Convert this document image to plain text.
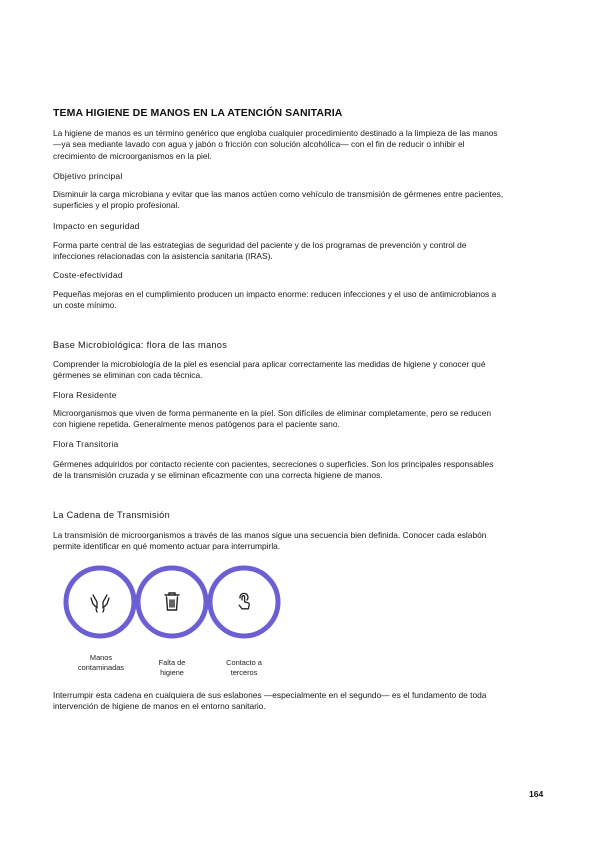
TEMA HIGIENE DE MANOS EN LA ATENCIÓN SANITARIA

La higiene de manos es un término genérico que engloba cualquier procedimiento destinado a la limpieza de las manos
—ya sea mediante lavado con agua y jabón o fricción con solución alcohólica— con el fin de reducir o inhibir el
crecimiento de microorganismos en la piel.

Objetivo principal

Disminuir la carga microbiana y evitar que las manos actúen como vehículo de transmisión de gérmenes entre pacientes,
superficies y el propio profesional.

Impacto en seguridad

Forma parte central de las estrategias de seguridad del paciente y de los programas de prevención y control de
infecciones relacionadas con la asistencia sanitaria (IRAS).

Coste-efectividad

Pequeñas mejoras en el cumplimiento producen un impacto enorme: reducen infecciones y el uso de antimicrobianos a
un coste mínimo.

Base Microbiológica: flora de las manos

Comprender la microbiología de la piel es esencial para aplicar correctamente las medidas de higiene y conocer qué
gérmenes se eliminan con cada técnica.

Flora Residente

Microorganismos que viven de forma permanente en la piel. Son difíciles de eliminar completamente, pero se reducen
con higiene repetida. Generalmente menos patógenos para el paciente sano.

Flora Transitoria

Gérmenes adquiridos por contacto reciente con pacientes, secreciones o superficies. Son los principales responsables
de la transmisión cruzada y se eliminan eficazmente con una correcta higiene de manos.

La Cadena de Transmisión

La transmisión de microorganismos a través de las manos sigue una secuencia bien definida. Conocer cada eslabón
permite identificar en qué momento actuar para interrumpirla.

Manos
contaminadas
Falta de
higiene
Contacto a
terceros

Interrumpir esta cadena en cualquiera de sus eslabones —especialmente en el segundo— es el fundamento de toda
intervención de higiene de manos en el entorno sanitario.

164
